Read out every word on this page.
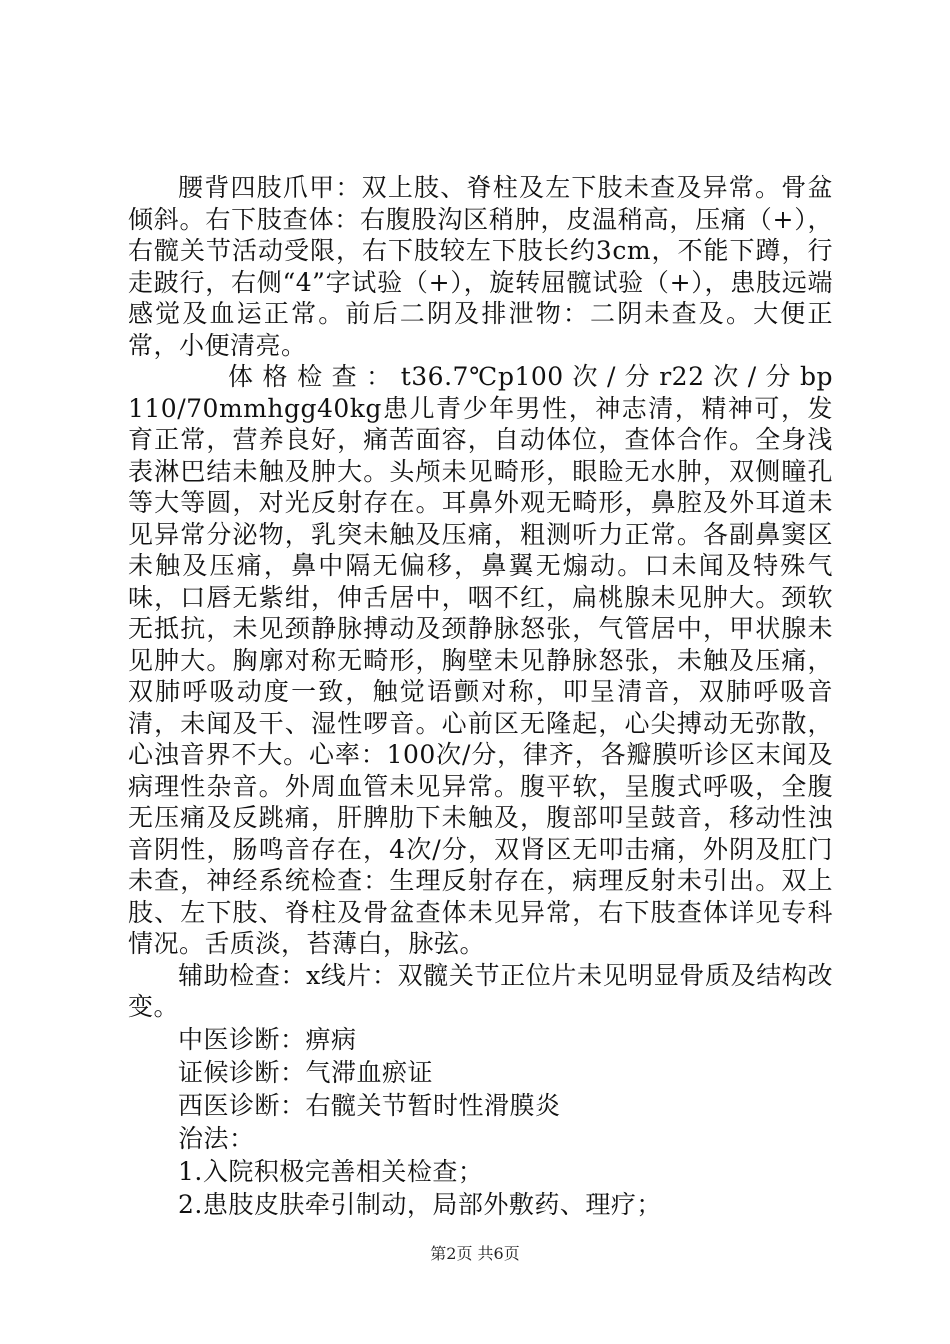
腰背四肢爪甲：双上肢、脊柱及左下肢未查及异常。骨盆倾斜。右下肢查体：右腹股沟区稍肿，皮温稍高，压痛（+），右髋关节活动受限，右下肢较左下肢长约3cm，不能下蹲，行走跛行，右侧“4”字试验（+），旋转屈髋试验（+），患肢远端感觉及血运正常。前后二阴及排泄物：二阴未查及。大便正常，小便清亮。

体 格 检 查 ： t36.7℃p100 次 / 分 r22 次 / 分 bp110/70mmhgg40kg患儿青少年男性，神志清，精神可，发育正常，营养良好，痛苦面容，自动体位，查体合作。全身浅表淋巴结未触及肿大。头颅未见畸形，眼睑无水肿，双侧瞳孔等大等圆，对光反射存在。耳鼻外观无畸形，鼻腔及外耳道未见异常分泌物，乳突未触及压痛，粗测听力正常。各副鼻窦区未触及压痛，鼻中隔无偏移，鼻翼无煽动。口未闻及特殊气味，口唇无紫绀，伸舌居中，咽不红，扁桃腺未见肿大。颈软无抵抗，未见颈静脉搏动及颈静脉怒张，气管居中，甲状腺未见肿大。胸廓对称无畸形，胸壁未见静脉怒张，未触及压痛，双肺呼吸动度一致，触觉语颤对称，叩呈清音，双肺呼吸音清，未闻及干、湿性啰音。心前区无隆起，心尖搏动无弥散，心浊音界不大。心率：100次/分，律齐，各瓣膜听诊区末闻及病理性杂音。外周血管未见异常。腹平软，呈腹式呼吸，全腹无压痛及反跳痛，肝脾肋下未触及，腹部叩呈鼓音，移动性浊音阴性，肠鸣音存在，4次/分，双肾区无叩击痛，外阴及肛门未查，神经系统检查：生理反射存在，病理反射未引出。双上肢、左下肢、脊柱及骨盆查体未见异常，右下肢查体详见专科情况。舌质淡，苔薄白，脉弦。

辅助检查：x线片：双髋关节正位片未见明显骨质及结构改变。

中医诊断：痹病

证候诊断：气滞血瘀证

西医诊断：右髋关节暂时性滑膜炎

治法：

1.入院积极完善相关检查；

2.患肢皮肤牵引制动，局部外敷药、理疗；

第2页 共6页
